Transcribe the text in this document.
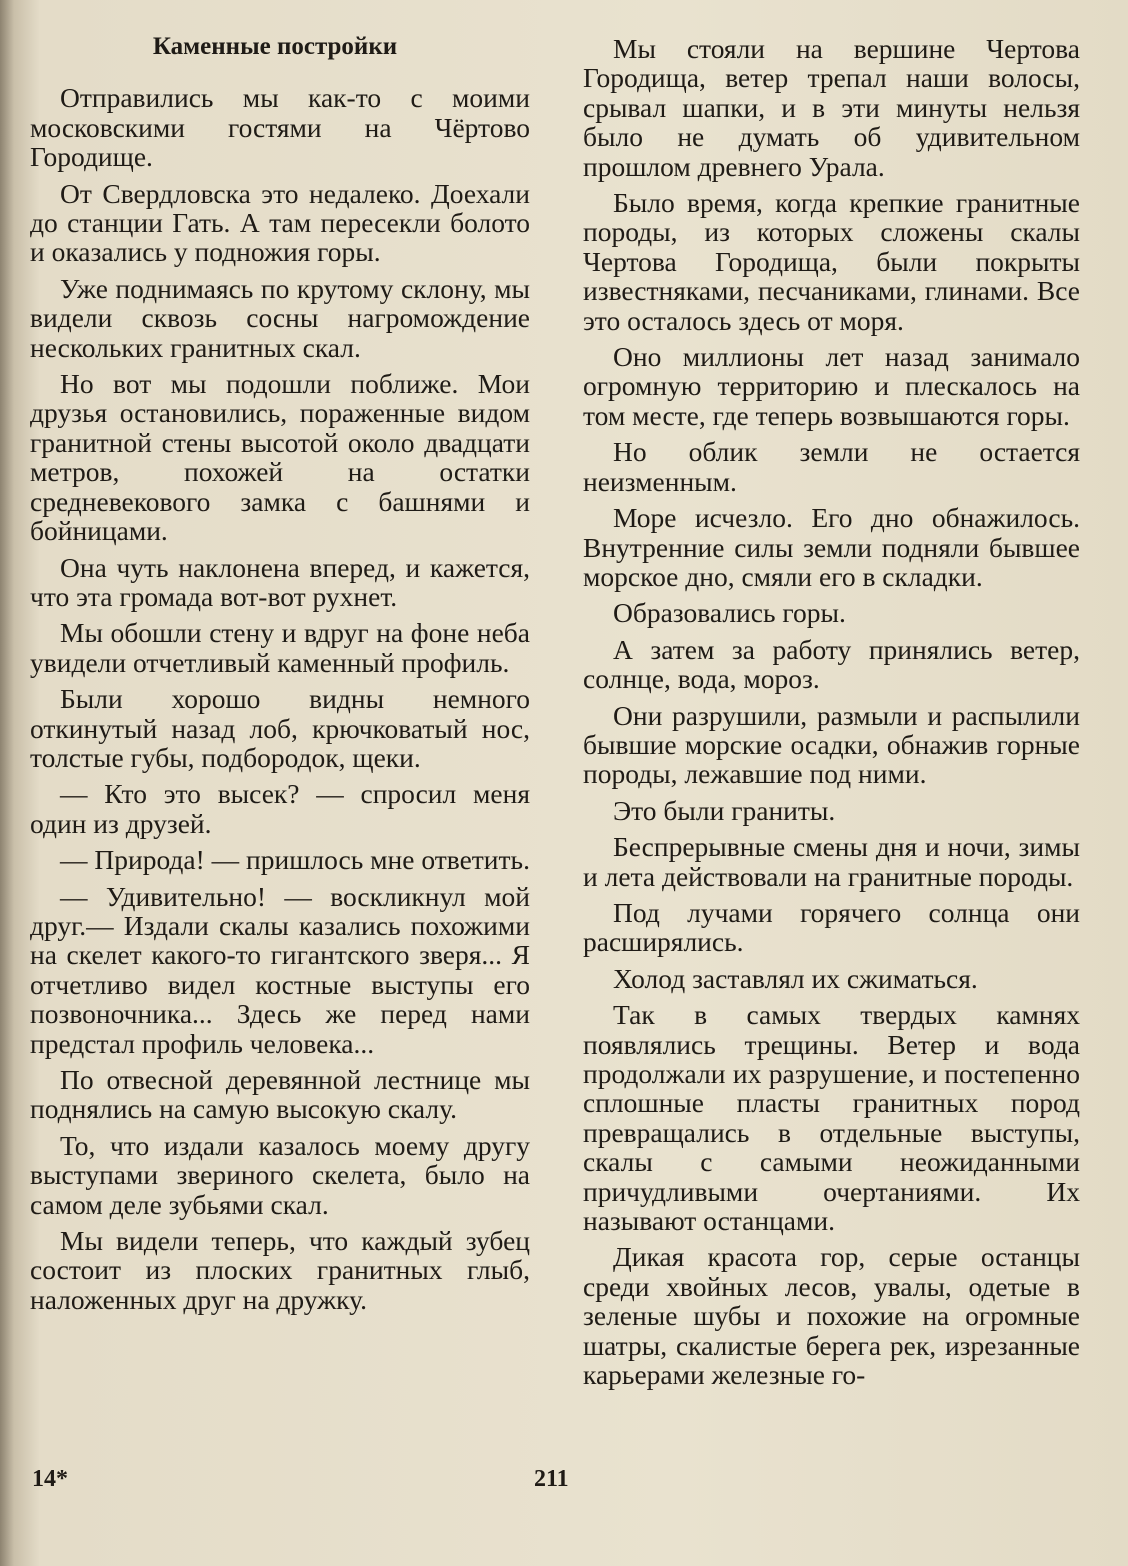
Каменные постройки

Отправились мы как-то с моими московскими гостями на Чёртово Городище.

От Свердловска это недалеко. Доехали до станции Гать. А там пересекли болото и оказались у подножия горы.

Уже поднимаясь по крутому склону, мы видели сквозь сосны нагромождение нескольких гранитных скал.

Но вот мы подошли поближе. Мои друзья остановились, пораженные видом гранитной стены высотой около двадцати метров, похожей на остатки средневекового замка с башнями и бойницами.

Она чуть наклонена вперед, и кажется, что эта громада вот-вот рухнет.

Мы обошли стену и вдруг на фоне неба увидели отчетливый каменный профиль.

Были хорошо видны немного откинутый назад лоб, крючковатый нос, толстые губы, подбородок, щеки.

— Кто это высек? — спросил меня один из друзей.

— Природа! — пришлось мне ответить.

— Удивительно! — воскликнул мой друг.— Издали скалы казались похожими на скелет какого-то гигантского зверя... Я отчетливо видел костные выступы его позвоночника... Здесь же перед нами предстал профиль человека...

По отвесной деревянной лестнице мы поднялись на самую высокую скалу.

То, что издали казалось моему другу выступами звериного скелета, было на самом деле зубьями скал.

Мы видели теперь, что каждый зубец состоит из плоских гранитных глыб, наложенных друг на дружку.

Мы стояли на вершине Чертова Городища, ветер трепал наши волосы, срывал шапки, и в эти минуты нельзя было не думать об удивительном прошлом древнего Урала.

Было время, когда крепкие гранитные породы, из которых сложены скалы Чертова Городища, были покрыты известняками, песчаниками, глинами. Все это осталось здесь от моря.

Оно миллионы лет назад занимало огромную территорию и плескалось на том месте, где теперь возвышаются горы.

Но облик земли не остается неизменным.

Море исчезло. Его дно обнажилось. Внутренние силы земли подняли бывшее морское дно, смяли его в складки.

Образовались горы.

А затем за работу принялись ветер, солнце, вода, мороз.

Они разрушили, размыли и распылили бывшие морские осадки, обнажив горные породы, лежавшие под ними.

Это были граниты.

Беспрерывные смены дня и ночи, зимы и лета действовали на гранитные породы.

Под лучами горячего солнца они расширялись.

Холод заставлял их сжиматься.

Так в самых твердых камнях появлялись трещины. Ветер и вода продолжали их разрушение, и постепенно сплошные пласты гранитных пород превращались в отдельные выступы, скалы с самыми неожиданными причудливыми очертаниями. Их называют останцами.

Дикая красота гор, серые останцы среди хвойных лесов, увалы, одетые в зеленые шубы и похожие на огромные шатры, скалистые берега рек, изрезанные карьерами железные го-

14*	211
